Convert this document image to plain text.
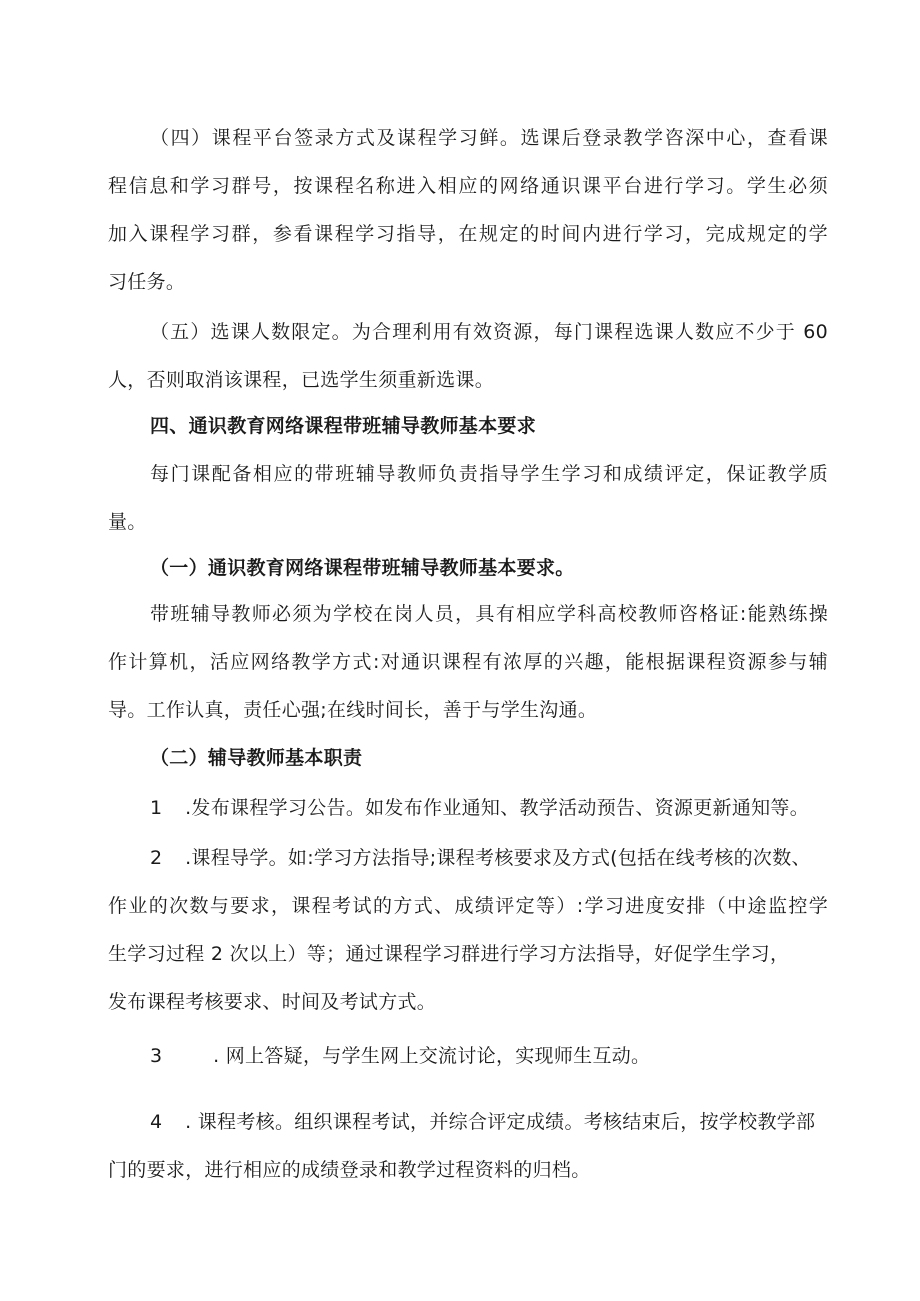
（四）课程平台签录方式及谋程学习鲜。选课后登录教学咨深中心，查看课
程信息和学习群号，按课程名称进入相应的网络通识课平台进行学习。学生必须
加入课程学习群，参看课程学习指导，在规定的时间内进行学习，完成规定的学
习任务。
（五）选课人数限定。为合理利用有效资源，每门课程选课人数应不少于 60
人，否则取消该课程，已选学生须重新选课。
四、通识教育网络课程带班辅导教师基本要求
每门课配备相应的带班辅导教师负责指导学生学习和成绩评定，保证教学质
量。
（一）通识教育网络课程带班辅导教师基本要求。
带班辅导教师必须为学校在岗人员，具有相应学科高校教师咨格证:能熟练操
作计算机，活应网络教学方式:对通识课程有浓厚的兴趣，能根据课程资源参与辅
导。工作认真，责任心强;在线时间长，善于与学生沟通。
（二）辅导教师基本职责
1 .发布课程学习公告。如发布作业通知、教学活动预告、资源更新通知等。
2 .课程导学。如:学习方法指导;课程考核要求及方式(包括在线考核的次数、
作业的次数与要求，课程考试的方式、成绩评定等）:学习进度安排（中途监控学
生学习过程 2 次以上）等；通过课程学习群进行学习方法指导，好促学生学习，
发布课程考核要求、时间及考试方式。
3	. 网上答疑，与学生网上交流讨论，实现师生互动。
4 . 课程考核。组织课程考试，并综合评定成绩。考核结束后，按学校教学部
门的要求，进行相应的成绩登录和教学过程资料的归档。
